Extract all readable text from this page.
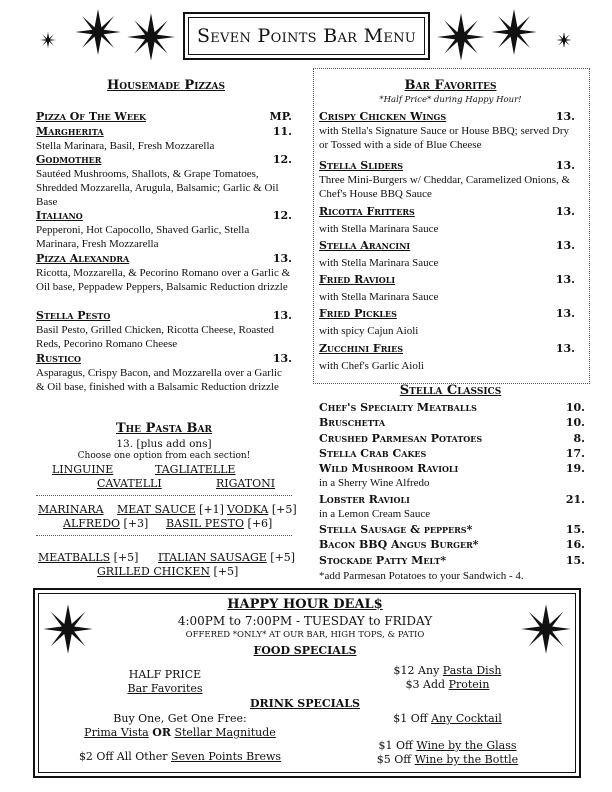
Seven Points Bar Menu
Housemade Pizzas
Pizza Of The Week	MP.
Margherita	11.
Stella Marinara, Basil, Fresh Mozzarella
Godmother	12.
Sautéed Mushrooms, Shallots, & Grape Tomatoes, Shredded Mozzarella, Arugula, Balsamic; Garlic & Oil Base
Italiano	12.
Pepperoni, Hot Capocollo, Shaved Garlic, Stella Marinara, Fresh Mozzarella
Pizza Alexandra	13.
Ricotta, Mozzarella, & Pecorino Romano over a Garlic & Oil base, Peppadew Peppers, Balsamic Reduction drizzle
Stella Pesto	13.
Basil Pesto, Grilled Chicken, Ricotta Cheese, Roasted Reds, Pecorino Romano Cheese
Rustico	13.
Asparagus, Crispy Bacon, and Mozzarella over a Garlic & Oil base, finished with a Balsamic Reduction drizzle
The Pasta Bar
13. [plus add ons]
Choose one option from each section!
LINGUINE	TAGLIATELLE
CAVATELLI	RIGATONI
MARINARA MEAT SAUCE [+1] VODKA [+5]
ALFREDO [+3] BASIL PESTO [+6]
MEATBALLS [+5] ITALIAN SAUSAGE [+5]
GRILLED CHICKEN [+5]
Bar Favorites
*Half Price* during Happy Hour!
Crispy Chicken Wings	13.
with Stella's Signature Sauce or House BBQ; served Dry or Tossed with a side of Blue Cheese
Stella Sliders	13.
Three Mini-Burgers w/ Cheddar, Caramelized Onions, & Chef's House BBQ Sauce
Ricotta Fritters	13.
with Stella Marinara Sauce
Stella Arancini	13.
with Stella Marinara Sauce
Fried Ravioli	13.
with Stella Marinara Sauce
Fried Pickles	13.
with spicy Cajun Aioli
Zucchini Fries	13.
with Chef's Garlic Aioli
Stella Classics
Chef's Specialty Meatballs	10.
Bruschetta	10.
Crushed Parmesan Potatoes	8.
Stella Crab Cakes	17.
Wild Mushroom Ravioli	19.
in a Sherry Wine Alfredo
Lobster Ravioli	21.
in a Lemon Cream Sauce
Stella Sausage & peppers*	15.
Bacon BBQ Angus Burger*	16.
Stockade Patty Melt*	15.
*add Parmesan Potatoes to your Sandwich - 4.
HAPPY HOUR DEAL$
4:00PM to 7:00PM - TUESDAY to FRIDAY
OFFERED *ONLY* AT OUR BAR, HIGH TOPS, & PATIO
FOOD SPECIALS
HALF PRICE
Bar Favorites
$12 Any Pasta Dish
$3 Add Protein
DRINK SPECIALS
Buy One, Get One Free:
Prima Vista OR Stellar Magnitude
$2 Off All Other Seven Points Brews
$1 Off Any Cocktail
$1 Off Wine by the Glass
$5 Off Wine by the Bottle
